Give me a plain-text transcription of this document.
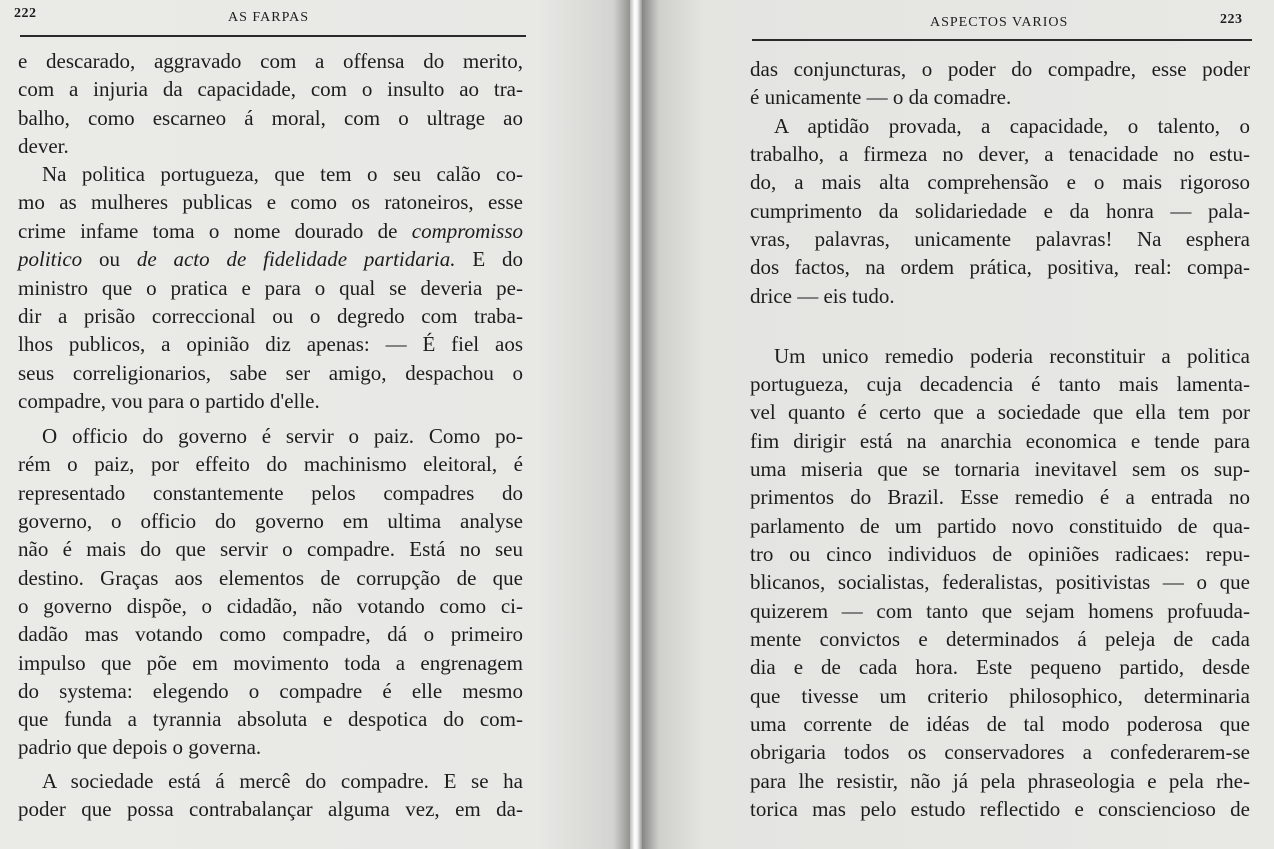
222	AS FARPAS
e descarado, aggravado com a offensa do merito,
com a injuria da capacidade, com o insulto ao tra-
balho, como escarneo á moral, com o ultrage ao
dever.
Na politica portugueza, que tem o seu calão co-
mo as mulheres publicas e como os ratoneiros, esse
crime infame toma o nome dourado de compromisso
politico ou de acto de fidelidade partidaria. E do
ministro que o pratica e para o qual se deveria pe-
dir a prisão correccional ou o degredo com traba-
lhos publicos, a opinião diz apenas: — É fiel aos
seus correligionarios, sabe ser amigo, despachou o
compadre, vou para o partido d'elle.
O officio do governo é servir o paiz. Como po-
rém o paiz, por effeito do machinismo eleitoral, é
representado constantemente pelos compadres do
governo, o officio do governo em ultima analyse
não é mais do que servir o compadre. Está no seu
destino. Graças aos elementos de corrupção de que
o governo dispõe, o cidadão, não votando como ci-
dadão mas votando como compadre, dá o primeiro
impulso que põe em movimento toda a engrenagem
do systema: elegendo o compadre é elle mesmo
que funda a tyrannia absoluta e despotica do com-
padrio que depois o governa.
A sociedade está á mercê do compadre. E se ha
poder que possa contrabalançar alguma vez, em da-
ASPECTOS VARIOS	223
das conjuncturas, o poder do compadre, esse poder
é unicamente — o da comadre.
A aptidão provada, a capacidade, o talento, o
trabalho, a firmeza no dever, a tenacidade no estu-
do, a mais alta comprehensão e o mais rigoroso
cumprimento da solidariedade e da honra — pala-
vras, palavras, unicamente palavras! Na esphera
dos factos, na ordem prática, positiva, real: compa-
drice — eis tudo.
Um unico remedio poderia reconstituir a politica
portugueza, cuja decadencia é tanto mais lamenta-
vel quanto é certo que a sociedade que ella tem por
fim dirigir está na anarchia economica e tende para
uma miseria que se tornaria inevitavel sem os sup-
primentos do Brazil. Esse remedio é a entrada no
parlamento de um partido novo constituido de qua-
tro ou cinco individuos de opiniões radicaes: repu-
blicanos, socialistas, federalistas, positivistas — o que
quizerem — com tanto que sejam homens profuuda-
mente convictos e determinados á peleja de cada
dia e de cada hora. Este pequeno partido, desde
que tivesse um criterio philosophico, determinaria
uma corrente de idéas de tal modo poderosa que
obrigaria todos os conservadores a confederarem-se
para lhe resistir, não já pela phraseologia e pela rhe-
torica mas pelo estudo reflectido e consciencioso de
